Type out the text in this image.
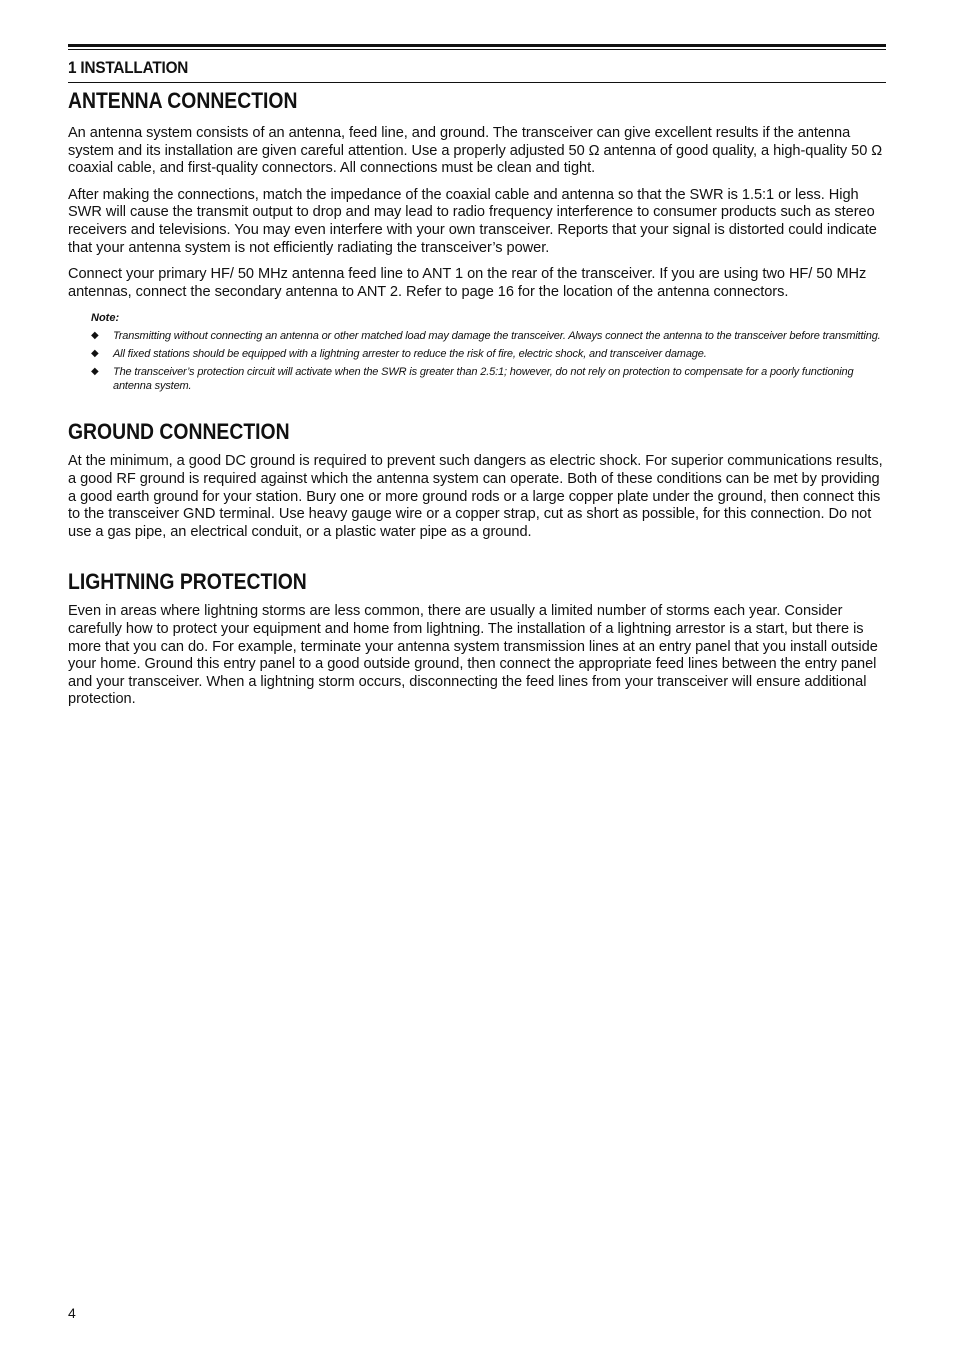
1 INSTALLATION
ANTENNA CONNECTION

An antenna system consists of an antenna, feed line, and ground. The transceiver can give excellent results if the antenna system and its installation are given careful attention. Use a properly adjusted 50 Ω antenna of good quality, a high-quality 50 Ω coaxial cable, and first-quality connectors. All connections must be clean and tight.

After making the connections, match the impedance of the coaxial cable and antenna so that the SWR is 1.5:1 or less. High SWR will cause the transmit output to drop and may lead to radio frequency interference to consumer products such as stereo receivers and televisions. You may even interfere with your own transceiver. Reports that your signal is distorted could indicate that your antenna system is not efficiently radiating the transceiver’s power.

Connect your primary HF/ 50 MHz antenna feed line to ANT 1 on the rear of the transceiver. If you are using two HF/ 50 MHz antennas, connect the secondary antenna to ANT 2. Refer to page 16 for the location of the antenna connectors.

Note:
◆ Transmitting without connecting an antenna or other matched load may damage the transceiver. Always connect the antenna to the transceiver before transmitting.
◆ All fixed stations should be equipped with a lightning arrester to reduce the risk of fire, electric shock, and transceiver damage.
◆ The transceiver’s protection circuit will activate when the SWR is greater than 2.5:1; however, do not rely on protection to compensate for a poorly functioning antenna system.
GROUND CONNECTION

At the minimum, a good DC ground is required to prevent such dangers as electric shock. For superior communications results, a good RF ground is required against which the antenna system can operate. Both of these conditions can be met by providing a good earth ground for your station. Bury one or more ground rods or a large copper plate under the ground, then connect this to the transceiver GND terminal. Use heavy gauge wire or a copper strap, cut as short as possible, for this connection. Do not use a gas pipe, an electrical conduit, or a plastic water pipe as a ground.

LIGHTNING PROTECTION

Even in areas where lightning storms are less common, there are usually a limited number of storms each year. Consider carefully how to protect your equipment and home from lightning. The installation of a lightning arrestor is a start, but there is more that you can do. For example, terminate your antenna system transmission lines at an entry panel that you install outside your home. Ground this entry panel to a good outside ground, then connect the appropriate feed lines between the entry panel and your transceiver. When a lightning storm occurs, disconnecting the feed lines from your transceiver will ensure additional protection.

4
